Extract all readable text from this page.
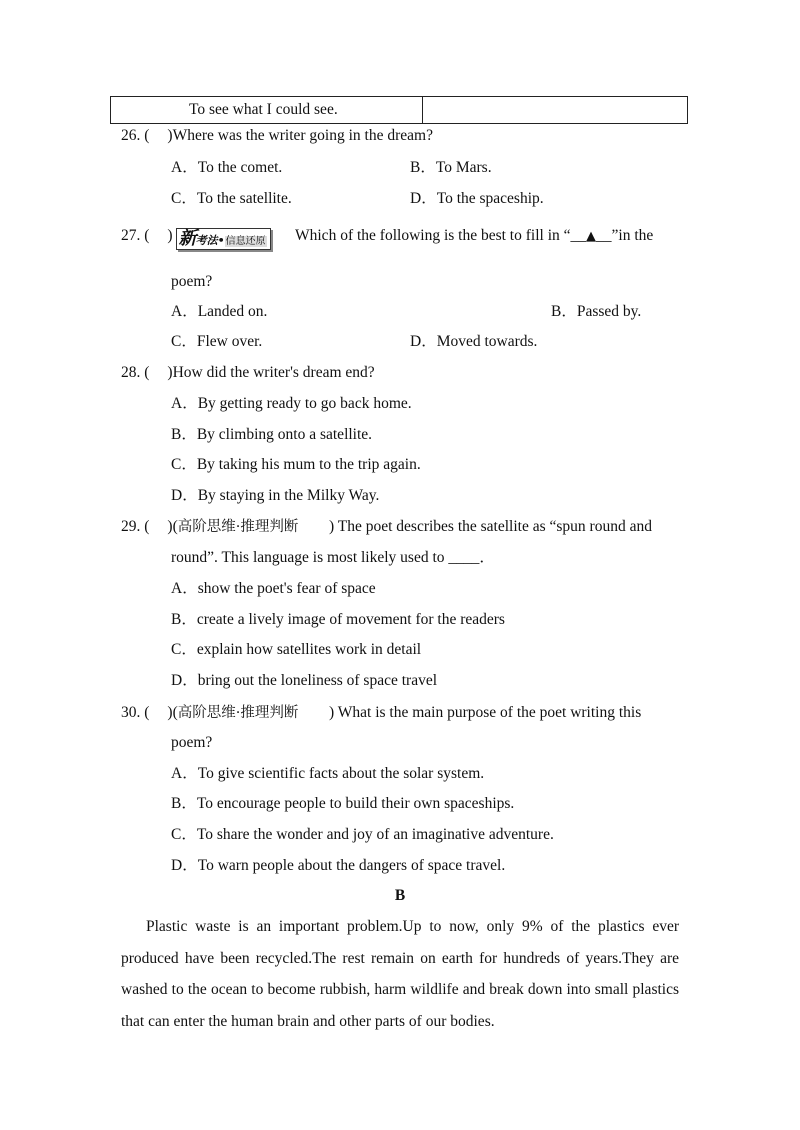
To see what I could see.
26. ( )Where was the writer going in the dream?
A．To the comet.	B．To Mars.
C．To the satellite.	D．To the spaceship.
27. ( ) 新考法•信息还原	Which of the following is the best to fill in “__▲__”in the
poem?
A．Landed on.	B．Passed by.
C．Flew over.	D．Moved towards.
28. ( )How did the writer's dream end?
A．By getting ready to go back home.
B．By climbing onto a satellite.
C．By taking his mum to the trip again.
D．By staying in the Milky Way.
29. ( )(高阶思维·推理判断 ) The poet describes the satellite as “spun round and
round”. This language is most likely used to ____．
A．show the poet's fear of space
B．create a lively image of movement for the readers
C．explain how satellites work in detail
D．bring out the loneliness of space travel
30. ( )(高阶思维·推理判断 ) What is the main purpose of the poet writing this
poem?
A．To give scientific facts about the solar system.
B．To encourage people to build their own spaceships.
C．To share the wonder and joy of an imaginative adventure.
D．To warn people about the dangers of space travel.
B
Plastic waste is an important problem.Up to now, only 9% of the plastics ever produced have been recycled.The rest remain on earth for hundreds of years.They are washed to the ocean to become rubbish, harm wildlife and break down into small plastics that can enter the human brain and other parts of our bodies.
